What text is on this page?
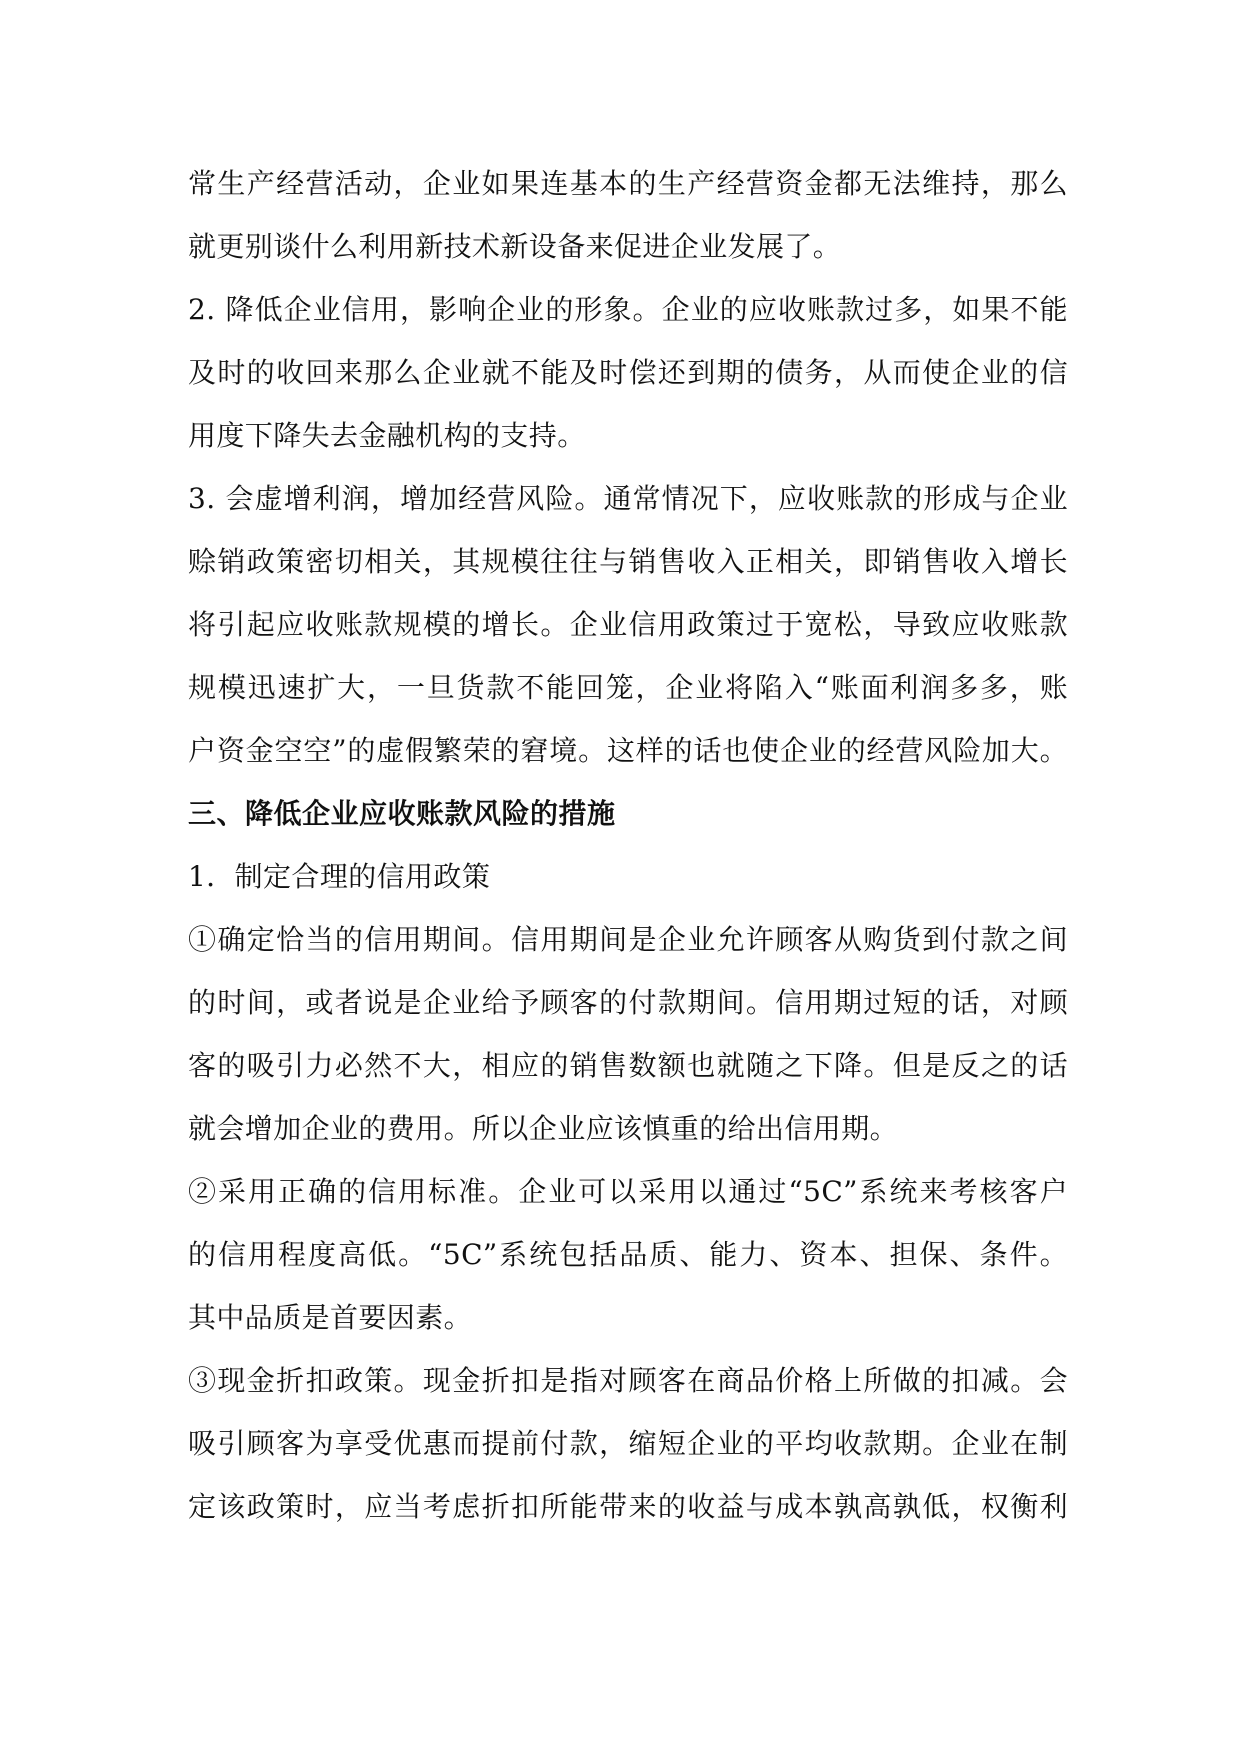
常生产经营活动，企业如果连基本的生产经营资金都无法维持，那么
就更别谈什么利用新技术新设备来促进企业发展了。
2. 降低企业信用，影响企业的形象。企业的应收账款过多，如果不能
及时的收回来那么企业就不能及时偿还到期的债务，从而使企业的信
用度下降失去金融机构的支持。
3. 会虚增利润，增加经营风险。通常情况下，应收账款的形成与企业
赊销政策密切相关，其规模往往与销售收入正相关，即销售收入增长
将引起应收账款规模的增长。企业信用政策过于宽松，导致应收账款
规模迅速扩大，一旦货款不能回笼，企业将陷入“账面利润多多，账
户资金空空”的虚假繁荣的窘境。这样的话也使企业的经营风险加大。
三、降低企业应收账款风险的措施
1．制定合理的信用政策
①确定恰当的信用期间。信用期间是企业允许顾客从购货到付款之间
的时间，或者说是企业给予顾客的付款期间。信用期过短的话，对顾
客的吸引力必然不大，相应的销售数额也就随之下降。但是反之的话
就会增加企业的费用。所以企业应该慎重的给出信用期。
②采用正确的信用标准。企业可以采用以通过“5C”系统来考核客户
的信用程度高低。“5C”系统包括品质、能力、资本、担保、条件。
其中品质是首要因素。
③现金折扣政策。现金折扣是指对顾客在商品价格上所做的扣减。会
吸引顾客为享受优惠而提前付款，缩短企业的平均收款期。企业在制
定该政策时，应当考虑折扣所能带来的收益与成本孰高孰低，权衡利
